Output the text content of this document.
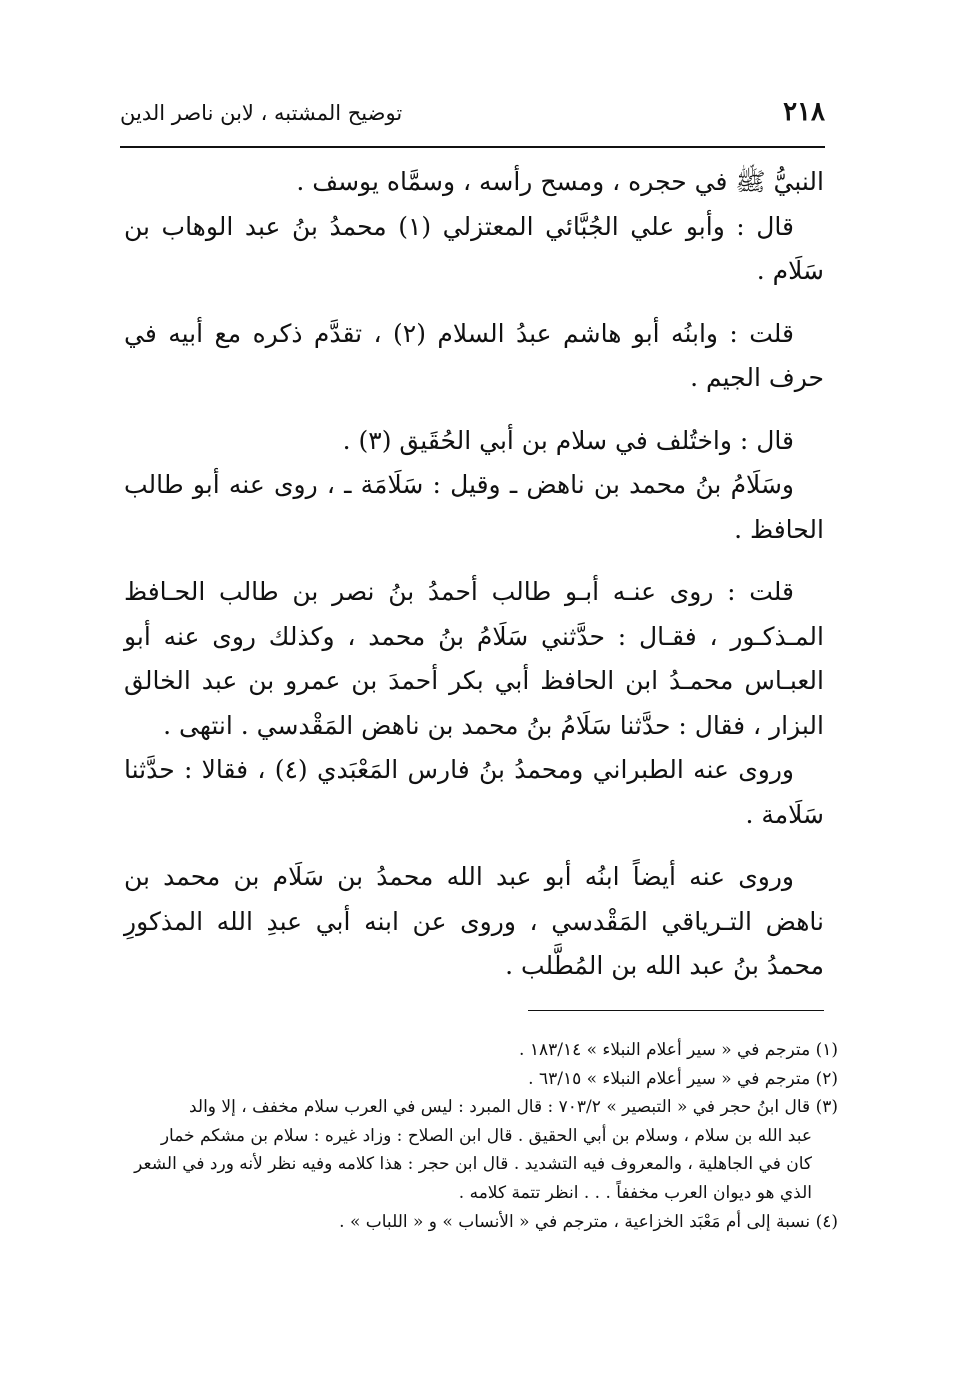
٢١٨
توضيح المشتبه ، لابن ناصر الدين

النبيُّ ﷺ في حجره ، ومسح رأسه ، وسمَّاه يوسف .

قال : وأبو علي الجُبَّائي المعتزلي (١) محمدُ بنُ عبد الوهاب بن سَلَام .

قلت : وابنُه أبو هاشم عبدُ السلام (٢) ، تقدَّم ذكره مع أبيه في حرف الجيم .

قال : واختُلف في سلام بن أبي الحُقَيق (٣) .

وسَلَامُ بنُ محمد بن ناهض ـ وقيل : سَلَامَة ـ ، روى عنه أبو طالب الحافظ .

قلت : روى عنـه أبـو طالب أحمدُ بنُ نصر بن طالب الحـافظ المـذكـور ، فقـال : حدَّثني سَلَامُ بنُ محمد ، وكذلك روى عنه أبو العبـاس محمـدُ ابن الحافظ أبي بكر أحمدَ بن عمرو بن عبد الخالق البزار ، فقال : حدَّثنا سَلَامُ بنُ محمد بن ناهض المَقْدسي . انتهى .

وروى عنه الطبراني ومحمدُ بنُ فارس المَعْبَدي (٤) ، فقالا : حدَّثنا سَلَامة .

وروى عنه أيضاً ابنُه أبو عبد الله محمدُ بن سَلَام بن محمد بن ناهض التـرياقي المَقْدسي ، وروى عن ابنه أبي عبدِ الله المذكورِ محمدُ بنُ عبد الله بن المُطَّلب .

(١) مترجم في « سير أعلام النبلاء » ١٨٣/١٤ .

(٢) مترجم في « سير أعلام النبلاء » ٦٣/١٥ .

(٣) قال ابنُ حجر في « التبصير » ٧٠٣/٢ : قال المبرد : ليس في العرب سلام مخفف ، إلا والد

عبد الله بن سلام ، وسلام بن أبي الحقيق . قال ابن الصلاح : وزاد غيره : سلام بن مشكم خمار

كان في الجاهلية ، والمعروف فيه التشديد . قال ابن حجر : هذا كلامه وفيه نظر لأنه ورد في الشعر

الذي هو ديوان العرب مخففاً . . . انظر تتمة كلامه .

(٤) نسبة إلى أم مَعْبَد الخزاعية ، مترجم في « الأنساب » و « اللباب » .
